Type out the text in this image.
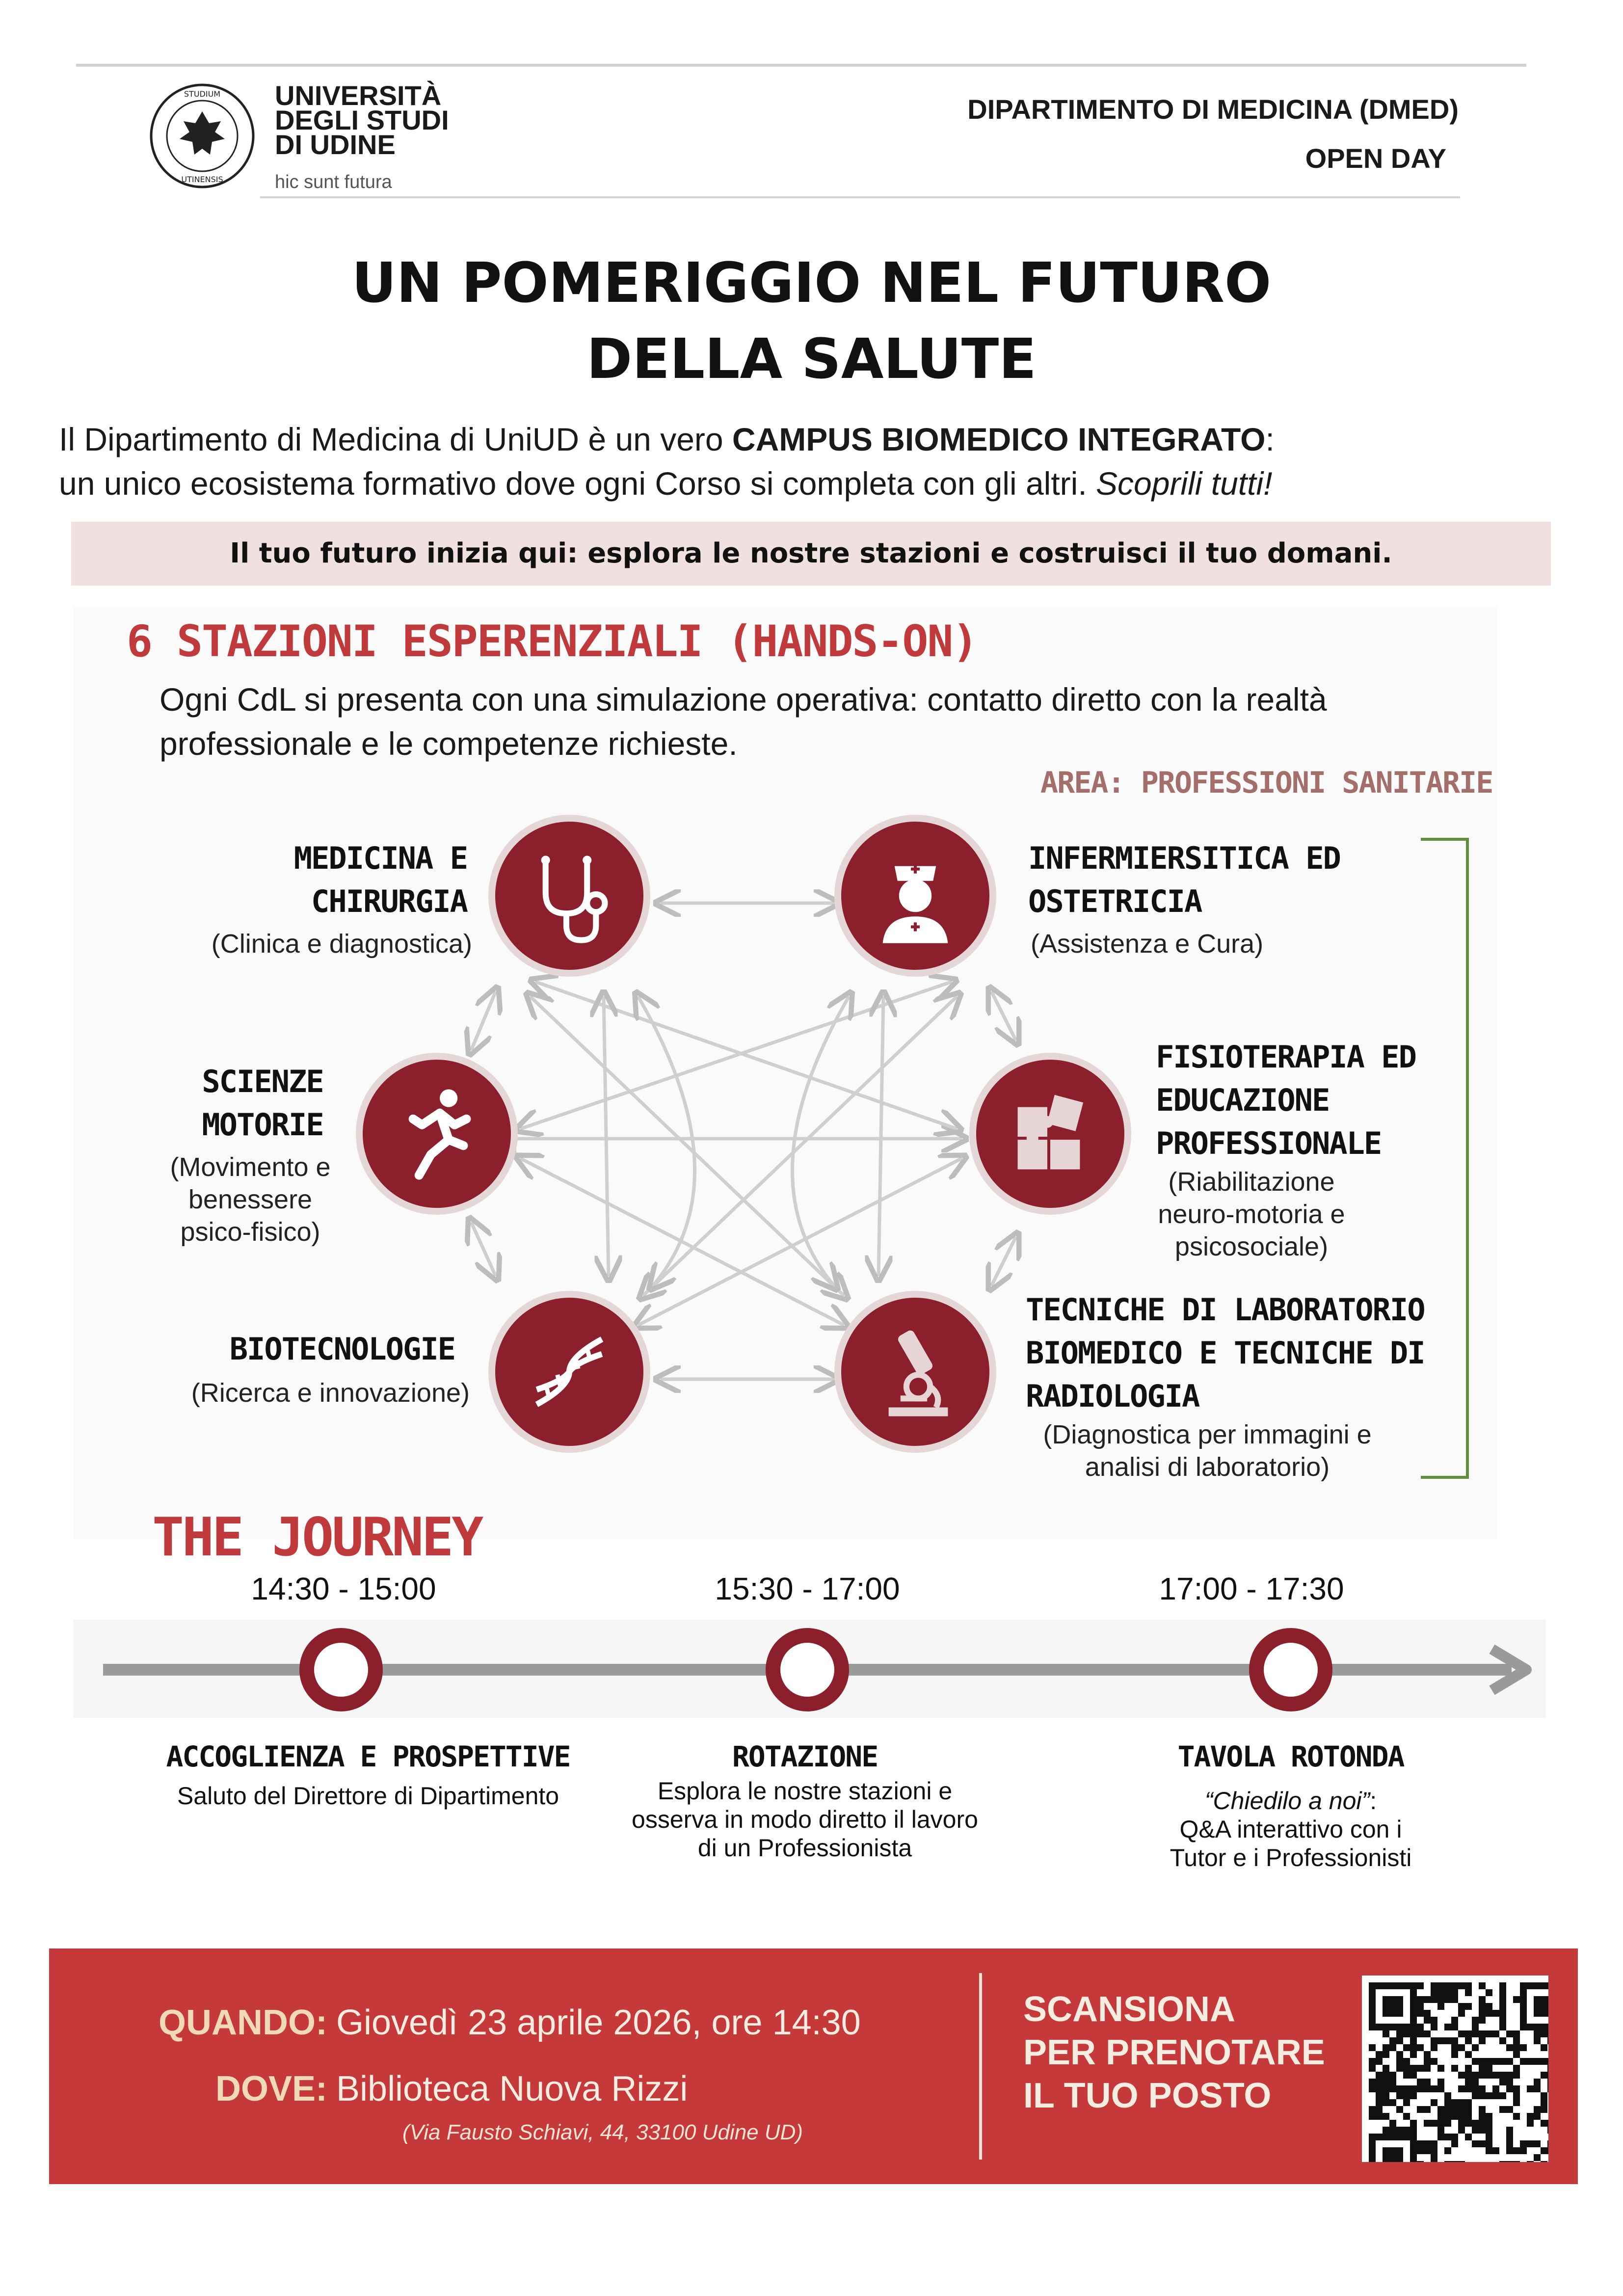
STUDIUM
UTINENSIS
UNIVERSITÀ
DEGLI STUDI
DI UDINE
hic sunt futura
DIPARTIMENTO DI MEDICINA (DMED)
OPEN DAY
UN POMERIGGIO NEL FUTURO
DELLA SALUTE
Il Dipartimento di Medicina di UniUD è un vero CAMPUS BIOMEDICO INTEGRATO:
un unico ecosistema formativo dove ogni Corso si completa con gli altri. Scoprili tutti!
Il tuo futuro inizia qui: esplora le nostre stazioni e costruisci il tuo domani.
6 STAZIONI ESPERENZIALI (HANDS-ON)
Ogni CdL si presenta con una simulazione operativa: contatto diretto con la realtà professionale e le competenze richieste.
AREA: PROFESSIONI SANITARIE
MEDICINA E
CHIRURGIA
(Clinica e diagnostica)
INFERMIERSITICA ED
OSTETRICIA
(Assistenza e Cura)
SCIENZE
MOTORIE
(Movimento e
benessere
psico-fisico)
FISIOTERAPIA ED
EDUCAZIONE
PROFESSIONALE
(Riabilitazione
neuro-motoria e
psicosociale)
BIOTECNOLOGIE
(Ricerca e innovazione)
TECNICHE DI LABORATORIO
BIOMEDICO E TECNICHE DI
RADIOLOGIA
(Diagnostica per immagini e
analisi di laboratorio)
THE JOURNEY
14:30 - 15:00	15:30 - 17:00	17:00 - 17:30
ACCOGLIENZA E PROSPETTIVE
Saluto del Direttore di Dipartimento
ROTAZIONE
Esplora le nostre stazioni e
osserva in modo diretto il lavoro
di un Professionista
TAVOLA ROTONDA
“Chiedilo a noi”:
Q&A interattivo con i
Tutor e i Professionisti
QUANDO: Giovedì 23 aprile 2026, ore 14:30
DOVE: Biblioteca Nuova Rizzi
(Via Fausto Schiavi, 44, 33100 Udine UD)
SCANSIONA
PER PRENOTARE
IL TUO POSTO
